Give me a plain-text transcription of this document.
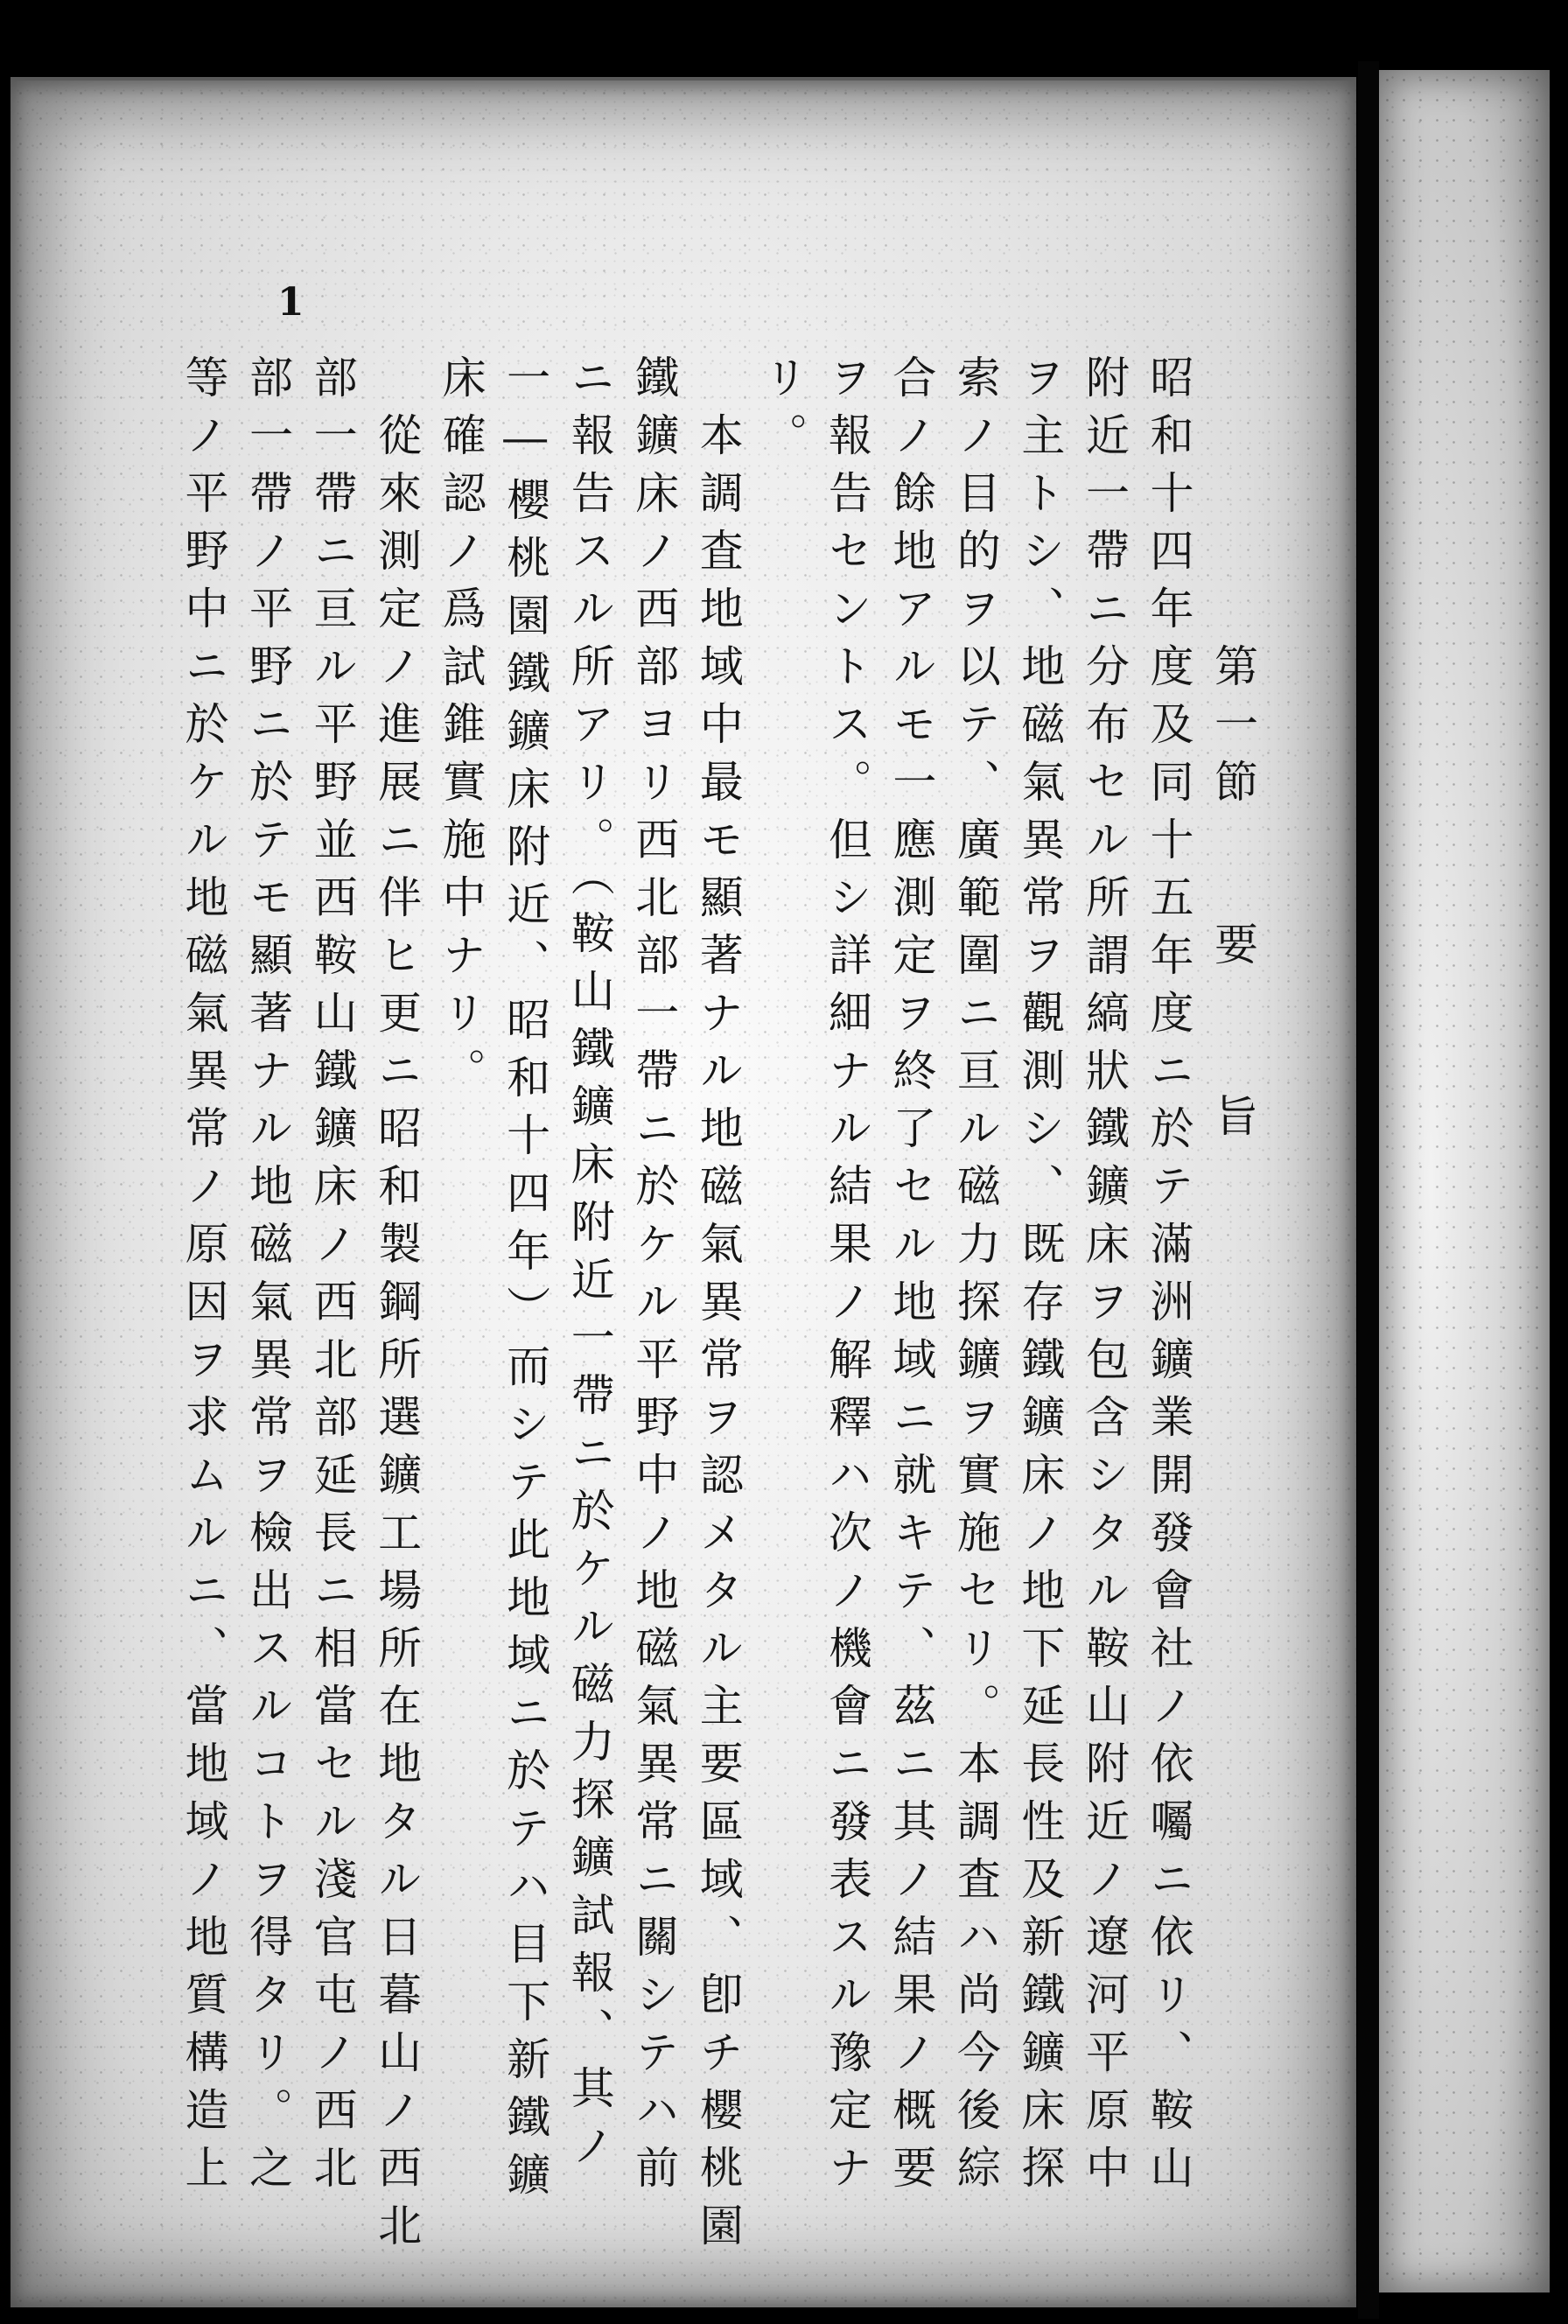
1
第一節要旨
昭和十四年度及同十五年度ニ於テ滿洲鑛業開發會社ノ依囑ニ依リ、鞍山
附近一帶ニ分布セル所謂縞狀鐵鑛床ヲ包含シタル鞍山附近ノ遼河平原中
ヲ主トシ、地磁氣異常ヲ觀測シ、既存鐵鑛床ノ地下延長性及新鐵鑛床探
索ノ目的ヲ以テ、廣範圍ニ亘ル磁力探鑛ヲ實施セリ。本調査ハ尚今後綜
合ノ餘地アルモ一應測定ヲ終了セル地域ニ就キテ、茲ニ其ノ結果ノ概要
ヲ報告セントス。但シ詳細ナル結果ノ解釋ハ次ノ機會ニ發表スル豫定ナ
リ。
本調査地域中最モ顯著ナル地磁氣異常ヲ認メタル主要區域、卽チ櫻桃園
鐵鑛床ノ西部ヨリ西北部一帶ニ於ケル平野中ノ地磁氣異常ニ關シテハ前
ニ報告スル所アリ。（鞍山鐵鑛床附近一帶ニ於ケル磁力探鑛試報、其ノ
一―櫻桃園鐵鑛床附近、昭和十四年）而シテ此地域ニ於テハ目下新鐵鑛
床確認ノ爲試錐實施中ナリ。
從來測定ノ進展ニ伴ヒ更ニ昭和製鋼所選鑛工場所在地タル日暮山ノ西北
部一帶ニ亘ル平野並西鞍山鐵鑛床ノ西北部延長ニ相當セル淺官屯ノ西北
部一帶ノ平野ニ於テモ顯著ナル地磁氣異常ヲ檢出スルコトヲ得タリ。之
等ノ平野中ニ於ケル地磁氣異常ノ原因ヲ求ムルニ、當地域ノ地質構造上
